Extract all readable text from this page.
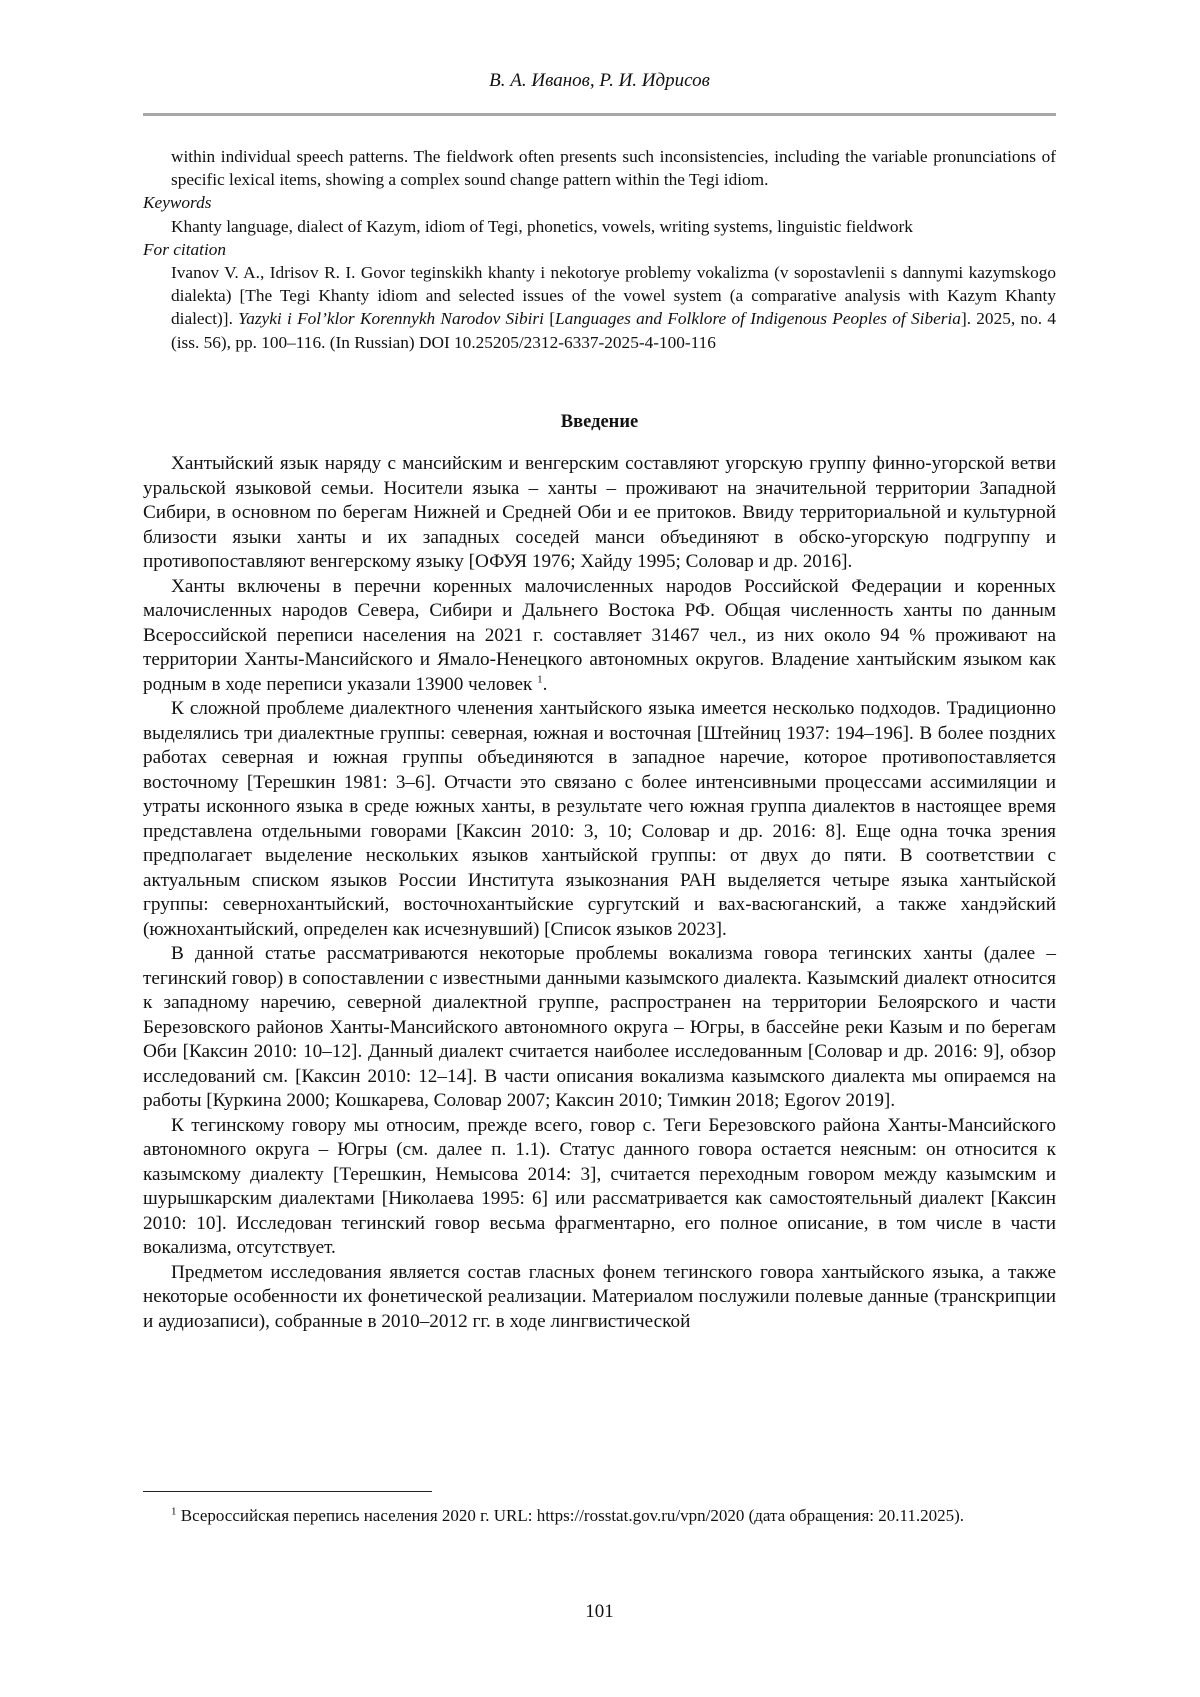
В. А. Иванов, Р. И. Идрисов
within individual speech patterns. The fieldwork often presents such inconsistencies, including the variable pronunciations of specific lexical items, showing a complex sound change pattern within the Tegi idiom.
Keywords
Khanty language, dialect of Kazym, idiom of Tegi, phonetics, vowels, writing systems, linguistic fieldwork
For citation
Ivanov V. A., Idrisov R. I. Govor teginskikh khanty i nekotorye problemy vokalizma (v sopostavlenii s dannymi kazymskogo dialekta) [The Tegi Khanty idiom and selected issues of the vowel system (a comparative analysis with Kazym Khanty dialect)]. Yazyki i Fol’klor Korennykh Narodov Sibiri [Languages and Folklore of Indigenous Peoples of Siberia]. 2025, no. 4 (iss. 56), pp. 100–116. (In Russian) DOI 10.25205/2312-6337-2025-4-100-116
Введение

Хантыйский язык наряду с мансийским и венгерским составляют угорскую группу финно-угорской ветви уральской языковой семьи. Носители языка – ханты – проживают на значительной территории Западной Сибири, в основном по берегам Нижней и Средней Оби и ее притоков. Ввиду территориальной и культурной близости языки ханты и их западных соседей манси объединяют в обско-угорскую подгруппу и противопоставляют венгерскому языку [ОФУЯ 1976; Хайду 1995; Соловар и др. 2016].

Ханты включены в перечни коренных малочисленных народов Российской Федерации и коренных малочисленных народов Севера, Сибири и Дальнего Востока РФ. Общая численность ханты по данным Всероссийской переписи населения на 2021 г. составляет 31467 чел., из них около 94 % проживают на территории Ханты-Мансийского и Ямало-Ненецкого автономных округов. Владение хантыйским языком как родным в ходе переписи указали 13900 человек $^1$.

К сложной проблеме диалектного членения хантыйского языка имеется несколько подходов. Традиционно выделялись три диалектные группы: северная, южная и восточная [Штейниц 1937: 194–196]. В более поздних работах северная и южная группы объединяются в западное наречие, которое противопоставляется восточному [Терешкин 1981: 3–6]. Отчасти это связано с более интенсивными процессами ассимиляции и утраты исконного языка в среде южных ханты, в результате чего южная группа диалектов в настоящее время представлена отдельными говорами [Каксин 2010: 3, 10; Соловар и др. 2016: 8]. Еще одна точка зрения предполагает выделение нескольких языков хантыйской группы: от двух до пяти. В соответствии с актуальным списком языков России Института языкознания РАН выделяется четыре языка хантыйской группы: севернохантыйский, восточнохантыйские сургутский и вах-васюганский, а также хандэйский (южнохантыйский, определен как исчезнувший) [Список языков 2023].

В данной статье рассматриваются некоторые проблемы вокализма говора тегинских ханты (далее – тегинский говор) в сопоставлении с известными данными казымского диалекта. Казымский диалект относится к западному наречию, северной диалектной группе, распространен на территории Белоярского и части Березовского районов Ханты-Мансийского автономного округа – Югры, в бассейне реки Казым и по берегам Оби [Каксин 2010: 10–12]. Данный диалект считается наиболее исследованным [Соловар и др. 2016: 9], обзор исследований см. [Каксин 2010: 12–14]. В части описания вокализма казымского диалекта мы опираемся на работы [Куркина 2000; Кошкарева, Соловар 2007; Каксин 2010; Тимкин 2018; Egorov 2019].

К тегинскому говору мы относим, прежде всего, говор с. Теги Березовского района Ханты-Мансийского автономного округа – Югры (см. далее п. 1.1). Статус данного говора остается неясным: он относится к казымскому диалекту [Терешкин, Немысова 2014: 3], считается переходным говором между казымским и шурышкарским диалектами [Николаева 1995: 6] или рассматривается как самостоятельный диалект [Каксин 2010: 10]. Исследован тегинский говор весьма фрагментарно, его полное описание, в том числе в части вокализма, отсутствует.

Предметом исследования является состав гласных фонем тегинского говора хантыйского языка, а также некоторые особенности их фонетической реализации. Материалом послужили полевые данные (транскрипции и аудиозаписи), собранные в 2010–2012 гг. в ходе лингвистической

$^1$ Всероссийская перепись населения 2020 г. URL: https://rosstat.gov.ru/vpn/2020 (дата обращения: 20.11.2025).
101
